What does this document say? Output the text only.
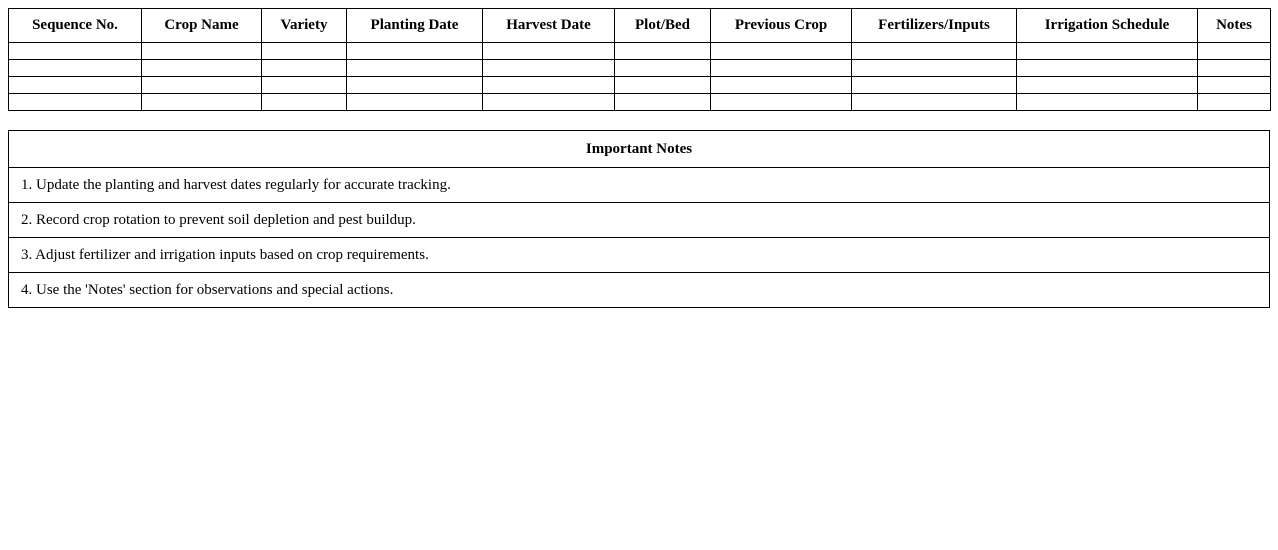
Sequence No.	Crop Name	Variety	Planting Date	Harvest Date	Plot/Bed	Previous Crop	Fertilizers/Inputs	Irrigation Schedule	Notes

Important Notes
1. Update the planting and harvest dates regularly for accurate tracking.
2. Record crop rotation to prevent soil depletion and pest buildup.
3. Adjust fertilizer and irrigation inputs based on crop requirements.
4. Use the 'Notes' section for observations and special actions.
